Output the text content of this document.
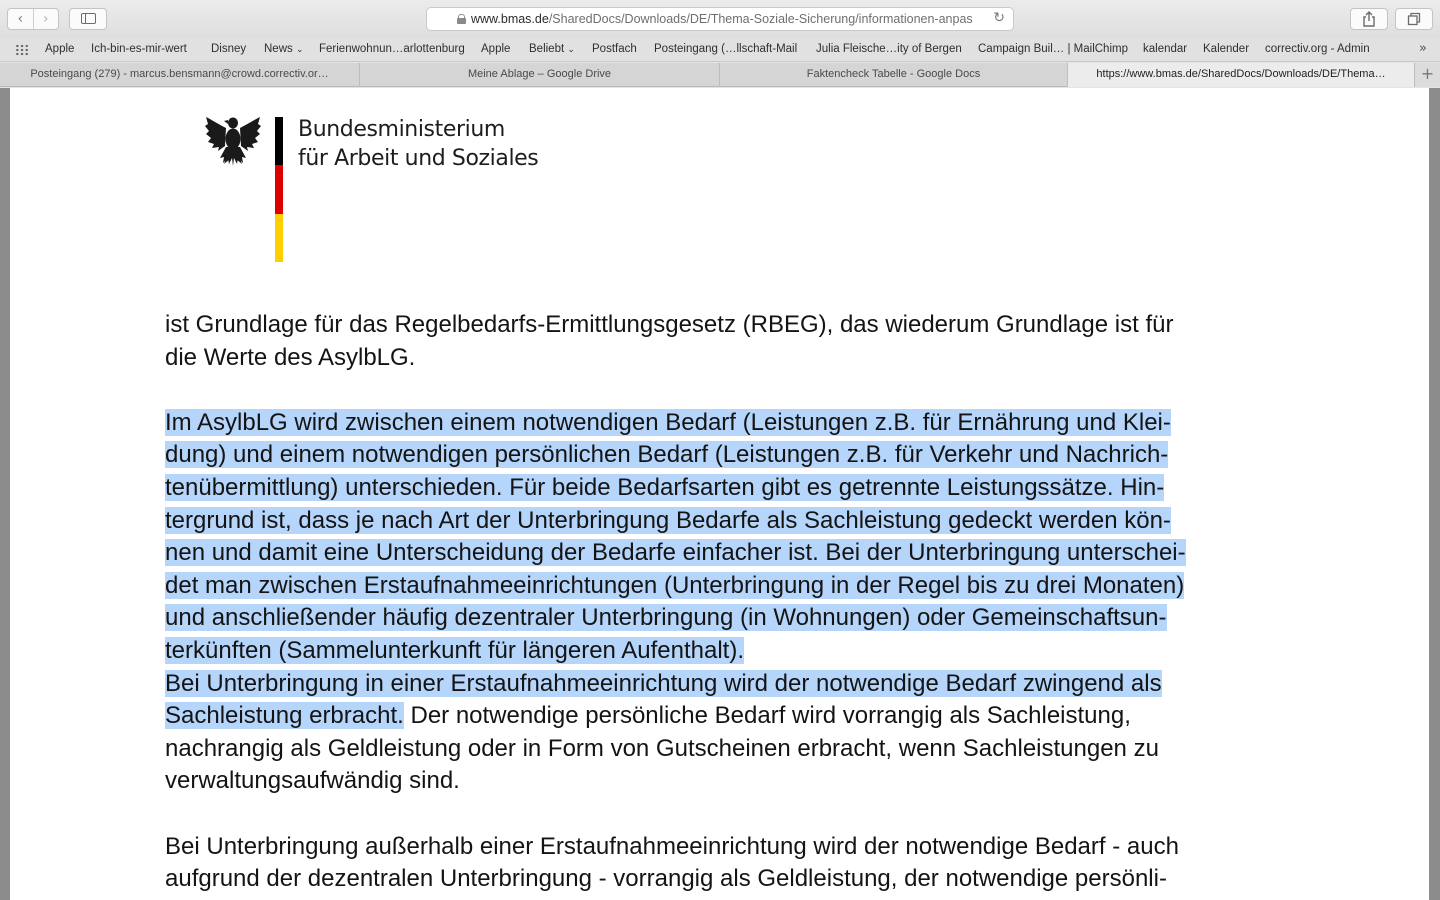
‹	›	www.bmas.de/SharedDocs/Downloads/DE/Thema-Soziale-Sicherung/informationen-anpas	↻
Apple Ich-bin-es-mir-wert Disney News ⌄ Ferienwohnun…arlottenburg Apple Beliebt ⌄ Postfach Posteingang (…llschaft-Mail Julia Fleische…ity of Bergen Campaign Buil… | MailChimp kalendar Kalender correctiv.org - Admin	»
Posteingang (279) - marcus.bensmann@crowd.correctiv.or…	Meine Ablage – Google Drive	Faktencheck Tabelle - Google Docs	https://www.bmas.de/SharedDocs/Downloads/DE/Thema…	+
Bundesministerium
für Arbeit und Soziales
ist Grundlage für das Regelbedarfs-Ermittlungsgesetz (RBEG), das wiederum Grundlage ist für
die Werte des AsylbLG.
Im AsylbLG wird zwischen einem notwendigen Bedarf (Leistungen z.B. für Ernährung und Klei-
dung) und einem notwendigen persönlichen Bedarf (Leistungen z.B. für Verkehr und Nachrich-
tenübermittlung) unterschieden. Für beide Bedarfsarten gibt es getrennte Leistungssätze. Hin-
tergrund ist, dass je nach Art der Unterbringung Bedarfe als Sachleistung gedeckt werden kön-
nen und damit eine Unterscheidung der Bedarfe einfacher ist. Bei der Unterbringung unterschei-
det man zwischen Erstaufnahmeeinrichtungen (Unterbringung in der Regel bis zu drei Monaten)
und anschließender häufig dezentraler Unterbringung (in Wohnungen) oder Gemeinschaftsun-
terkünften (Sammelunterkunft für längeren Aufenthalt).
Bei Unterbringung in einer Erstaufnahmeeinrichtung wird der notwendige Bedarf zwingend als
Sachleistung erbracht. Der notwendige persönliche Bedarf wird vorrangig als Sachleistung,
nachrangig als Geldleistung oder in Form von Gutscheinen erbracht, wenn Sachleistungen zu
verwaltungsaufwändig sind.
Bei Unterbringung außerhalb einer Erstaufnahmeeinrichtung wird der notwendige Bedarf - auch
aufgrund der dezentralen Unterbringung - vorrangig als Geldleistung, der notwendige persönli-
